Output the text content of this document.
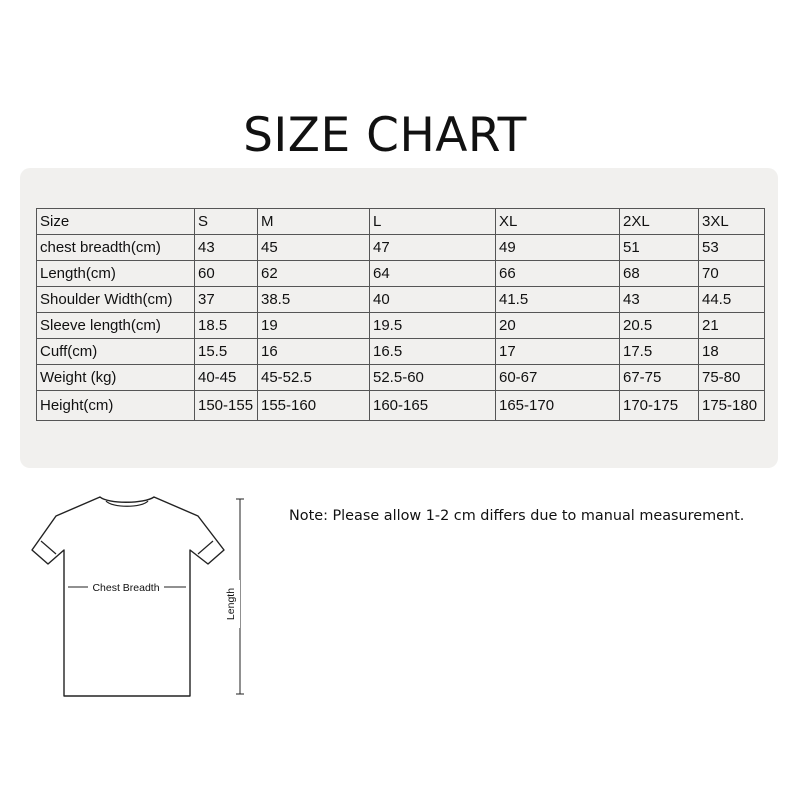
SIZE CHART
Size	S	M	L	XL	2XL	3XL
chest breadth(cm)	43	45	47	49	51	53
Length(cm)	60	62	64	66	68	70
Shoulder Width(cm)	37	38.5	40	41.5	43	44.5
Sleeve length(cm)	18.5	19	19.5	20	20.5	21
Cuff(cm)	15.5	16	16.5	17	17.5	18
Weight (kg)	40-45	45-52.5	52.5-60	60-67	67-75	75-80
Height(cm)	150-155	155-160	160-165	165-170	170-175	175-180
Chest Breadth	Length
Note: Please allow 1-2 cm differs due to manual measurement.
